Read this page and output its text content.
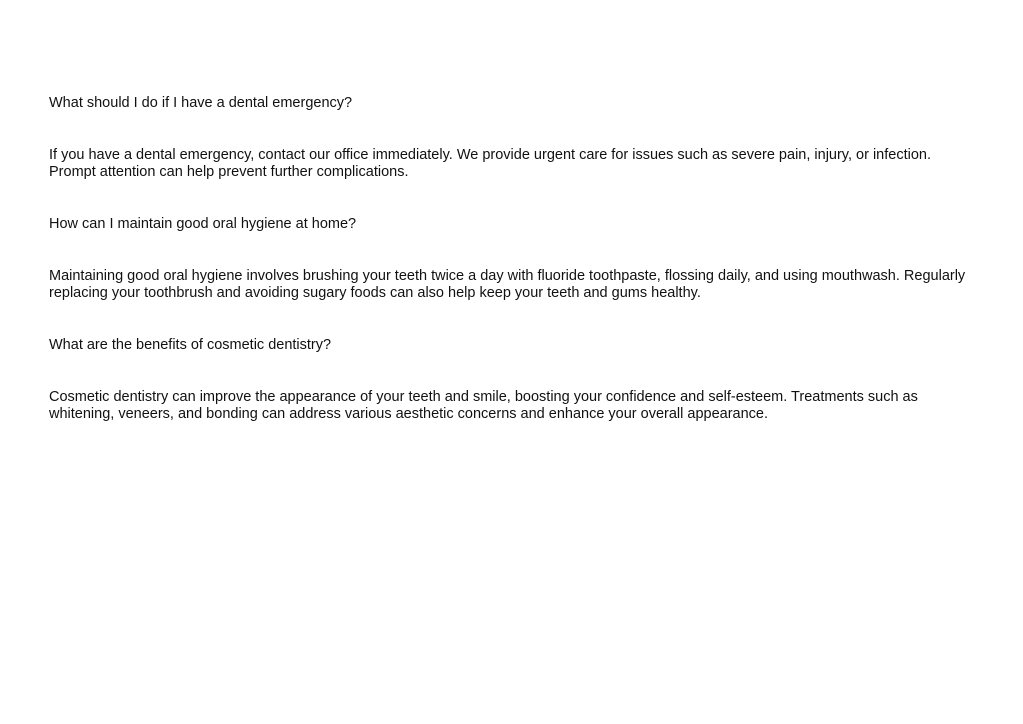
What should I do if I have a dental emergency?

If you have a dental emergency, contact our office immediately. We provide urgent care for issues such as severe pain, injury, or infection. Prompt attention can help prevent further complications.

How can I maintain good oral hygiene at home?

Maintaining good oral hygiene involves brushing your teeth twice a day with fluoride toothpaste, flossing daily, and using mouthwash. Regularly replacing your toothbrush and avoiding sugary foods can also help keep your teeth and gums healthy.

What are the benefits of cosmetic dentistry?

Cosmetic dentistry can improve the appearance of your teeth and smile, boosting your confidence and self-esteem. Treatments such as whitening, veneers, and bonding can address various aesthetic concerns and enhance your overall appearance.
